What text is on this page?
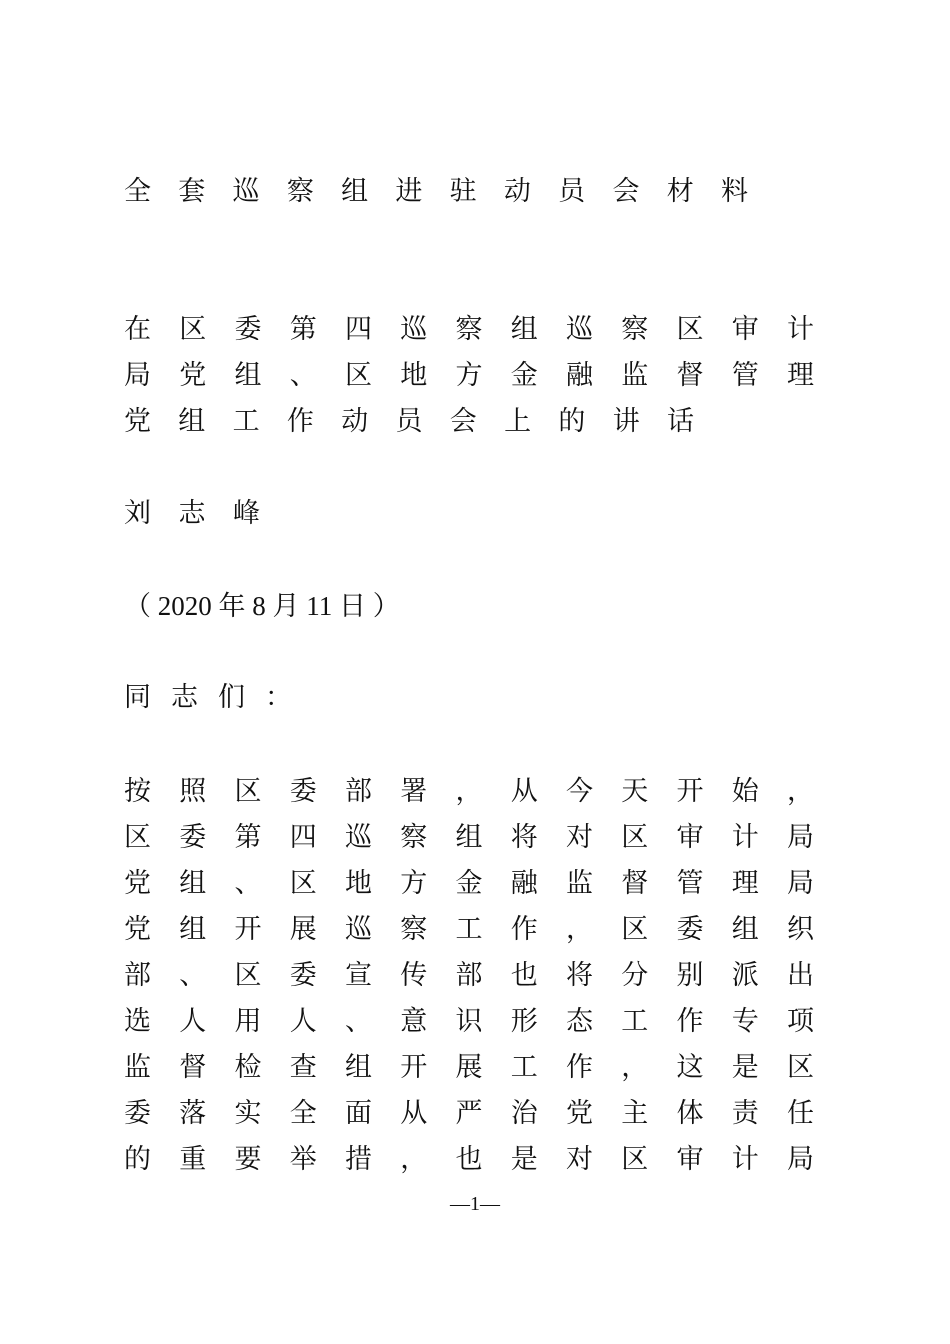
全 套 巡 察 组 进 驻 动 员 会 材 料
在 区 委 第 四 巡 察 组 巡 察 区 审 计
局 党 组 、 区 地 方 金 融 监 督 管 理
党 组 工 作 动 员 会 上 的 讲 话
刘 志 峰
（ 2020 年 8 月 11 日 ）
同 志 们 ：
按 照 区 委 部 署 ， 从 今 天 开 始 ，
区 委 第 四 巡 察 组 将 对 区 审 计 局
党 组 、 区 地 方 金 融 监 督 管 理 局
党 组 开 展 巡 察 工 作 ， 区 委 组 织
部 、 区 委 宣 传 部 也 将 分 别 派 出
选 人 用 人 、 意 识 形 态 工 作 专 项
监 督 检 查 组 开 展 工 作 ， 这 是 区
委 落 实 全 面 从 严 治 党 主 体 责 任
的 重 要 举 措 ， 也 是 对 区 审 计 局
—1—
